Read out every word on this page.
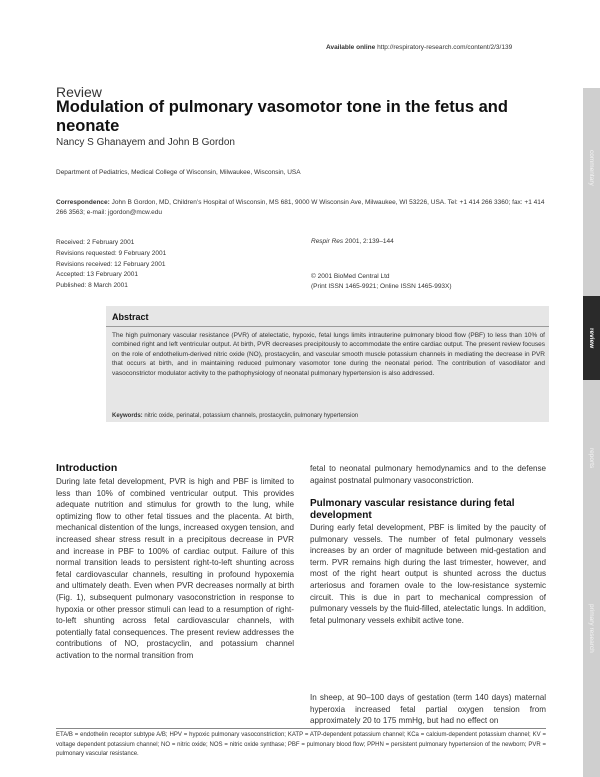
Available online http://respiratory-research.com/content/2/3/139
Review
Modulation of pulmonary vasomotor tone in the fetus and neonate
Nancy S Ghanayem and John B Gordon
Department of Pediatrics, Medical College of Wisconsin, Milwaukee, Wisconsin, USA
Correspondence: John B Gordon, MD, Children’s Hospital of Wisconsin, MS 681, 9000 W Wisconsin Ave, Milwaukee, WI 53226, USA. Tel: +1 414 266 3360; fax: +1 414 266 3563; e-mail: jgordon@mcw.edu
Received: 2 February 2001
Revisions requested: 9 February 2001
Revisions received: 12 February 2001
Accepted: 13 February 2001
Published: 8 March 2001
Respir Res 2001, 2:139–144
© 2001 BioMed Central Ltd
(Print ISSN 1465-9921; Online ISSN 1465-993X)
Abstract
The high pulmonary vascular resistance (PVR) of atelectatic, hypoxic, fetal lungs limits intrauterine pulmonary blood flow (PBF) to less than 10% of combined right and left ventricular output. At birth, PVR decreases precipitously to accommodate the entire cardiac output. The present review focuses on the role of endothelium-derived nitric oxide (NO), prostacyclin, and vascular smooth muscle potassium channels in mediating the decrease in PVR that occurs at birth, and in maintaining reduced pulmonary vasomotor tone during the neonatal period. The contribution of vasodilator and vasoconstrictor modulator activity to the pathophysiology of neonatal pulmonary hypertension is also addressed.
Keywords: nitric oxide, perinatal, potassium channels, prostacyclin, pulmonary hypertension
Introduction
During late fetal development, PVR is high and PBF is limited to less than 10% of combined ventricular output. This provides adequate nutrition and stimulus for growth to the lung, while optimizing flow to other fetal tissues and the placenta. At birth, mechanical distention of the lungs, increased oxygen tension, and increased shear stress result in a precipitous decrease in PVR and increase in PBF to 100% of cardiac output. Failure of this normal transition leads to persistent right-to-left shunting across fetal cardiovascular channels, resulting in profound hypoxemia and ultimately death. Even when PVR decreases normally at birth (Fig. 1), subsequent pulmonary vasoconstriction in response to hypoxia or other pressor stimuli can lead to a resumption of right-to-left shunting across fetal cardiovascular channels, with potentially fatal consequences. The present review addresses the contributions of NO, prostacyclin, and potassium channel activation to the normal transition from
fetal to neonatal pulmonary hemodynamics and to the defense against postnatal pulmonary vasoconstriction.
Pulmonary vascular resistance during fetal development
During early fetal development, PBF is limited by the paucity of pulmonary vessels. The number of fetal pulmonary vessels increases by an order of magnitude between mid-gestation and term. PVR remains high during the last trimester, however, and most of the right heart output is shunted across the ductus arteriosus and foramen ovale to the low-resistance systemic circuit. This is due in part to mechanical compression of pulmonary vessels by the fluid-filled, atelectatic lungs. In addition, fetal pulmonary vessels exhibit active tone.
In sheep, at 90–100 days of gestation (term 140 days) maternal hyperoxia increased fetal partial oxygen tension from approximately 20 to 175 mmHg, but had no effect on
ETA/B = endothelin receptor subtype A/B; HPV = hypoxic pulmonary vasoconstriction; KATP = ATP-dependent potassium channel; KCa = calcium-dependent potassium channel; KV = voltage dependent potassium channel; NO = nitric oxide; NOS = nitric oxide synthase; PBF = pulmonary blood flow; PPHN = persistent pulmonary hypertension of the newborn; PVR = pulmonary vascular resistance.
commentary
reports
primary research
review
